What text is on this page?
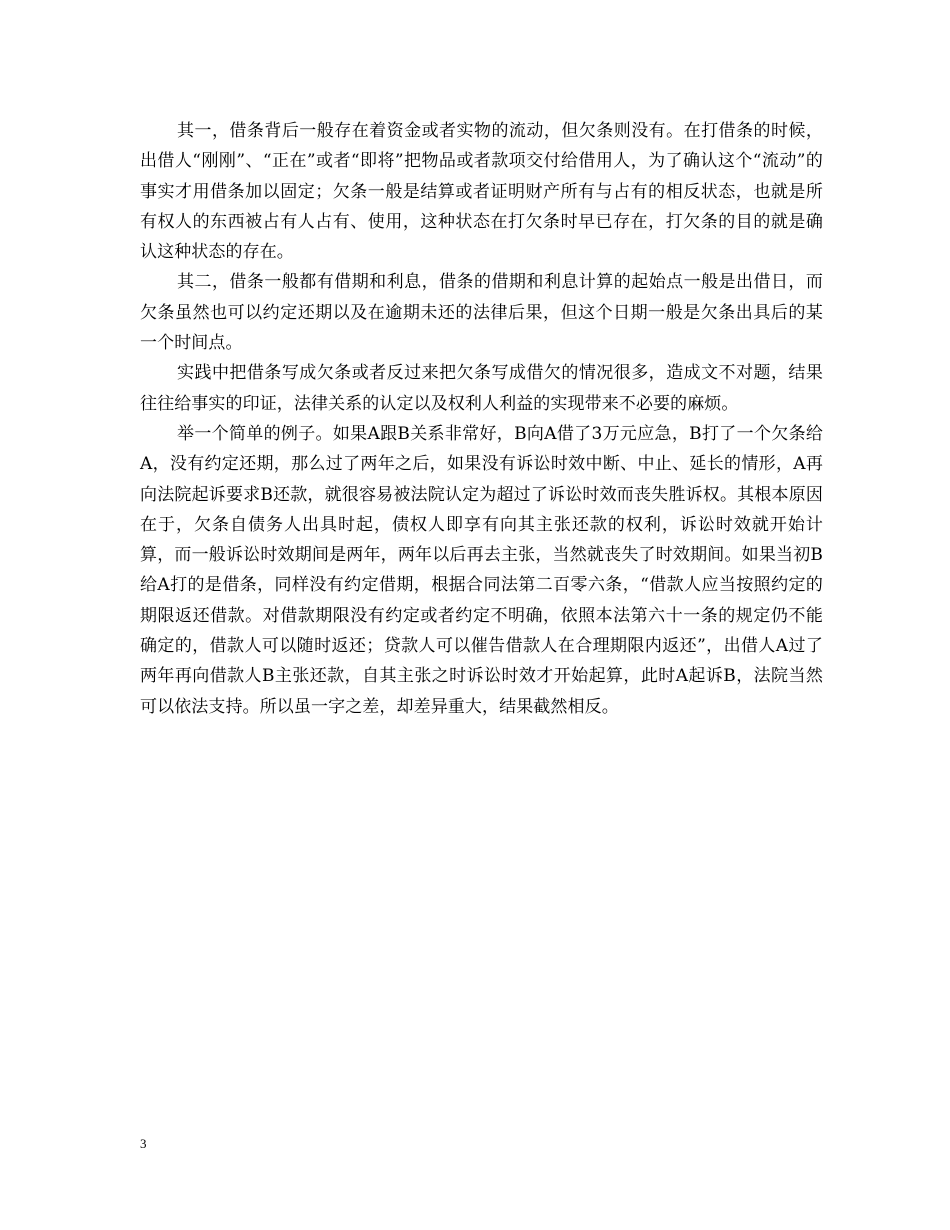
其一，借条背后一般存在着资金或者实物的流动，但欠条则没有。在打借条的时候，出借人“刚刚”、“正在”或者“即将”把物品或者款项交付给借用人，为了确认这个“流动”的事实才用借条加以固定；欠条一般是结算或者证明财产所有与占有的相反状态，也就是所有权人的东西被占有人占有、使用，这种状态在打欠条时早已存在，打欠条的目的就是确认这种状态的存在。

其二，借条一般都有借期和利息，借条的借期和利息计算的起始点一般是出借日，而欠条虽然也可以约定还期以及在逾期未还的法律后果，但这个日期一般是欠条出具后的某一个时间点。

实践中把借条写成欠条或者反过来把欠条写成借欠的情况很多，造成文不对题，结果往往给事实的印证，法律关系的认定以及权利人利益的实现带来不必要的麻烦。

举一个简单的例子。如果A跟B关系非常好，B向A借了3万元应急，B打了一个欠条给A，没有约定还期，那么过了两年之后，如果没有诉讼时效中断、中止、延长的情形，A再向法院起诉要求B还款，就很容易被法院认定为超过了诉讼时效而丧失胜诉权。其根本原因在于，欠条自债务人出具时起，债权人即享有向其主张还款的权利，诉讼时效就开始计算，而一般诉讼时效期间是两年，两年以后再去主张，当然就丧失了时效期间。如果当初B给A打的是借条，同样没有约定借期，根据合同法第二百零六条，“借款人应当按照约定的期限返还借款。对借款期限没有约定或者约定不明确，依照本法第六十一条的规定仍不能确定的，借款人可以随时返还；贷款人可以催告借款人在合理期限内返还”，出借人A过了两年再向借款人B主张还款，自其主张之时诉讼时效才开始起算，此时A起诉B，法院当然可以依法支持。所以虽一字之差，却差异重大，结果截然相反。

3
